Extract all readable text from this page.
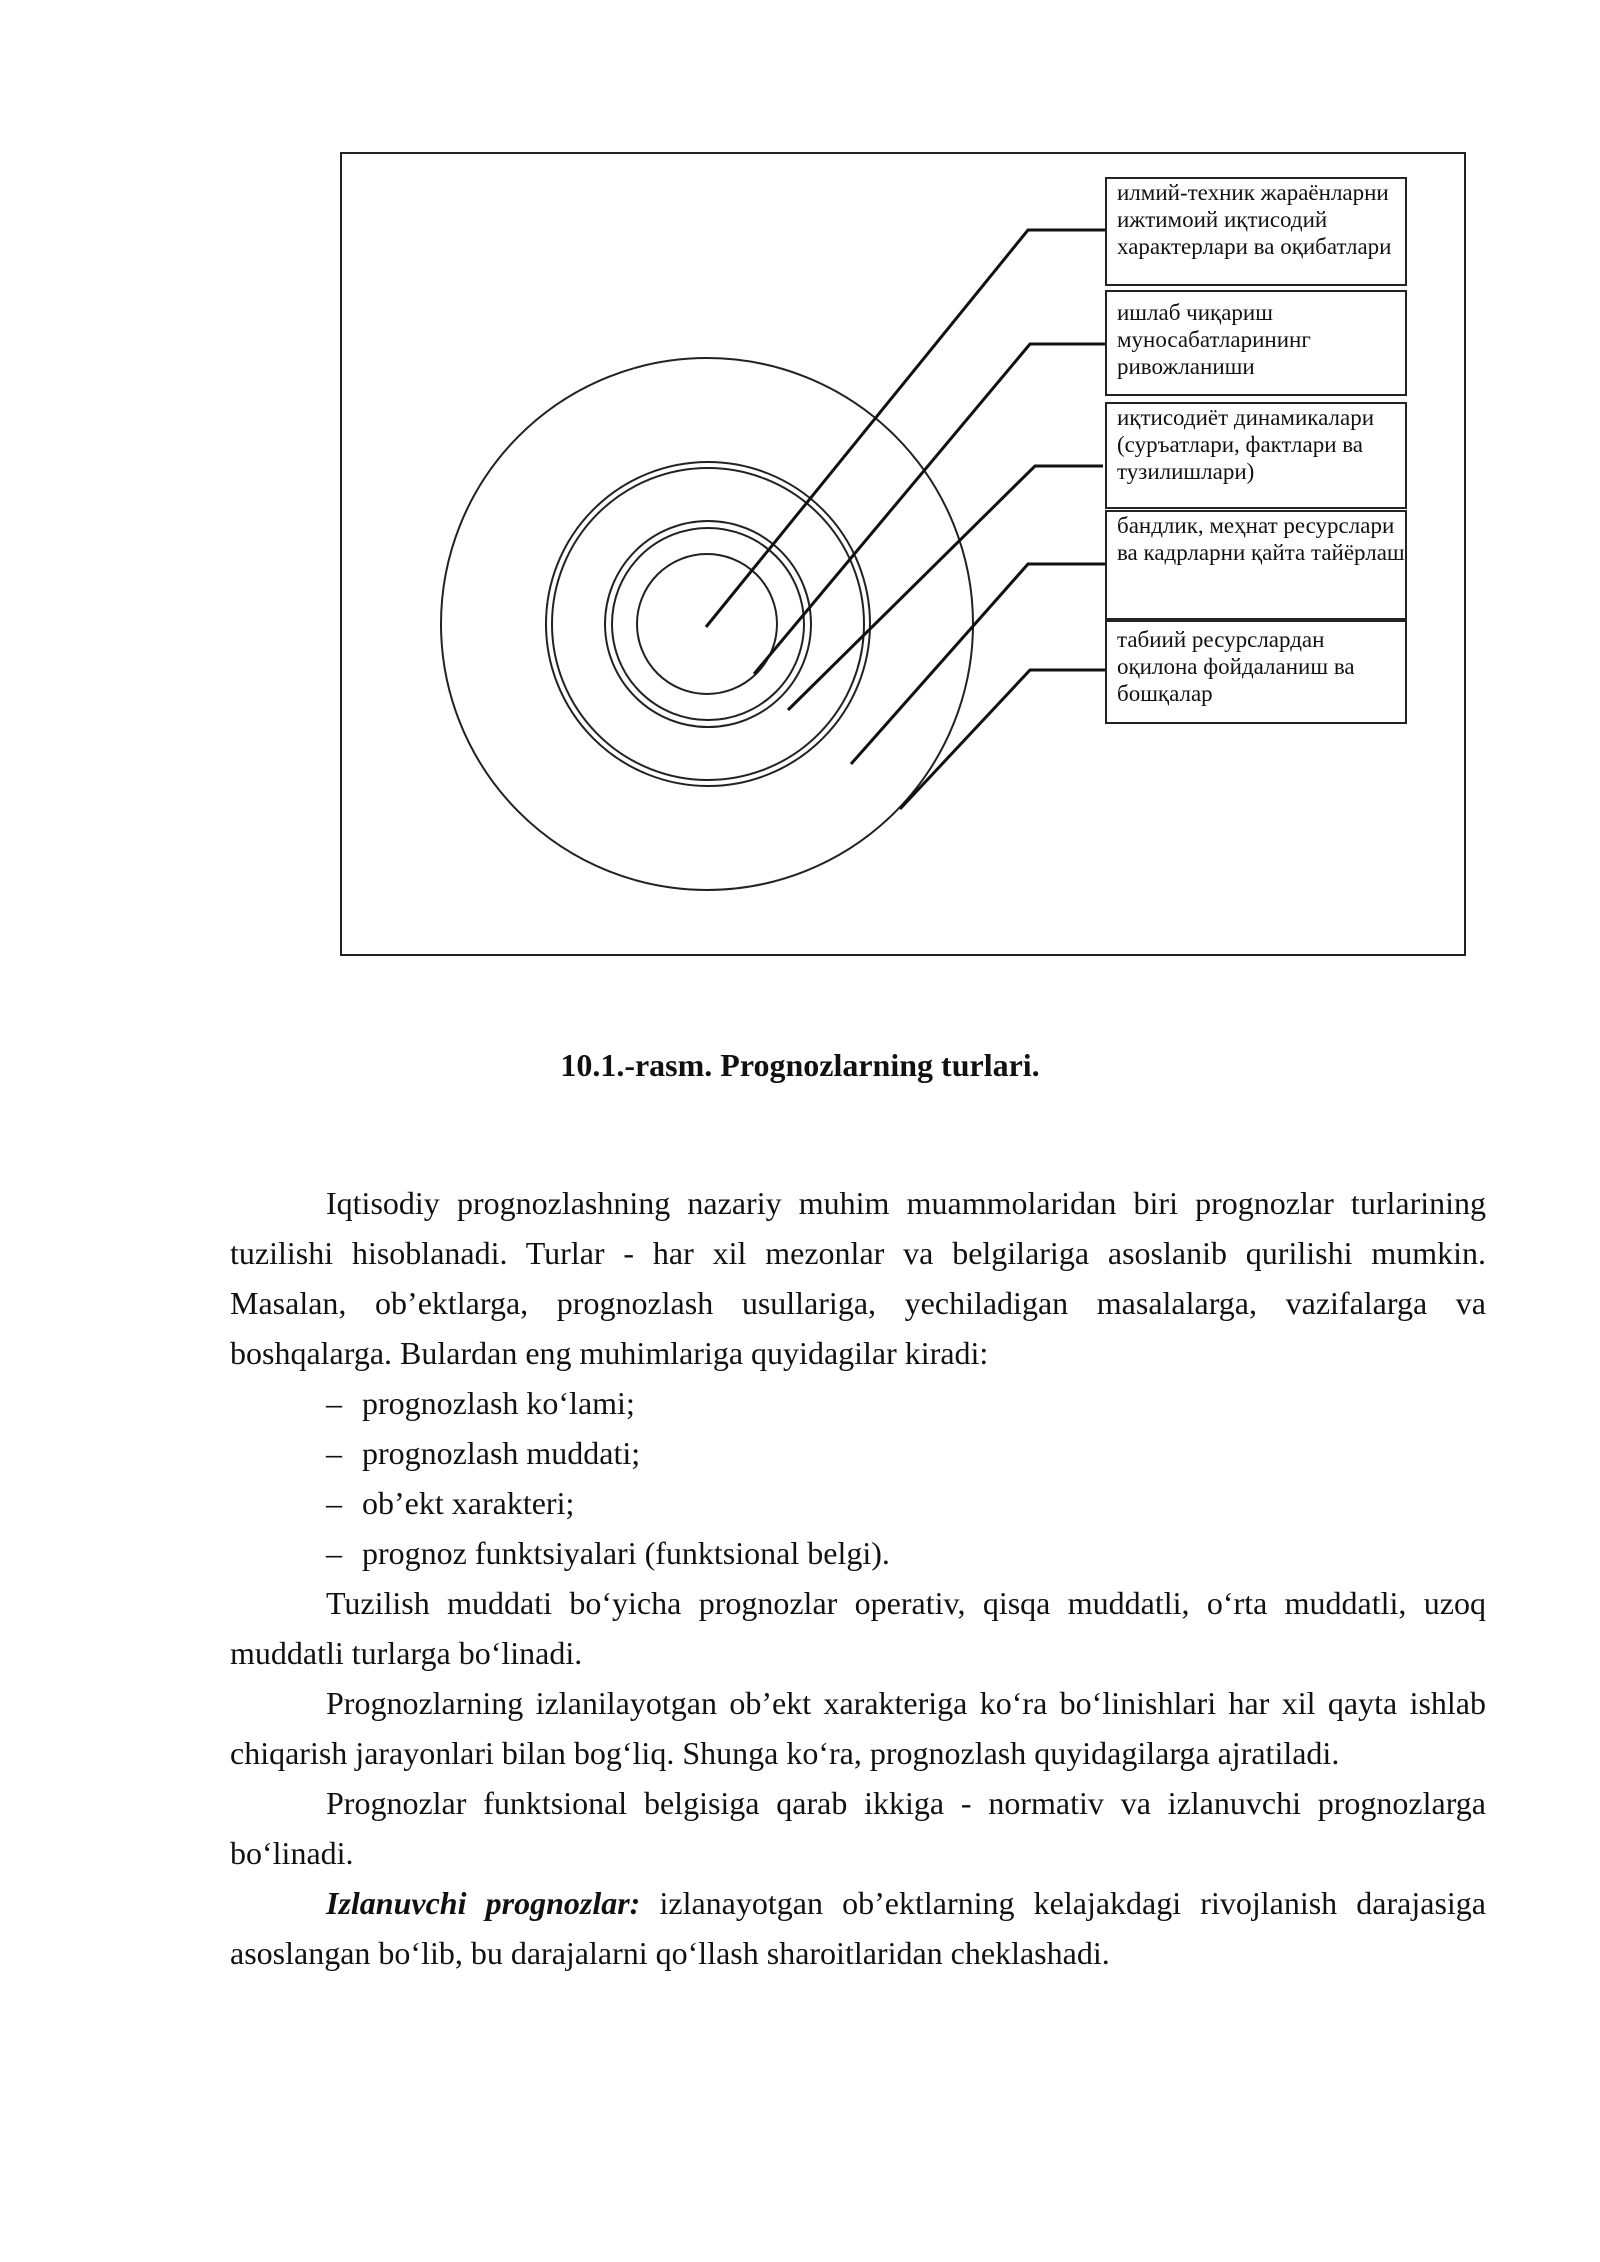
илмий-техник жараёнларни ижтимоий иқтисодий характерлари ва оқибатлари
ишлаб чиқариш муносабатларининг ривожланиши
иқтисодиёт динамикалари (суръатлари, фактлари ва тузилишлари)
бандлик, меҳнат ресурслари ва кадрларни қайта тайёрлаш
табиий ресурслардан оқилона фойдаланиш ва бошқалар
10.1.-rasm. Prognozlarning turlari.

Iqtisodiy prognozlashning nazariy muhim muammolaridan biri prognozlar turlarining tuzilishi hisoblanadi. Turlar - har xil mezonlar va belgilariga asoslanib qurilishi mumkin. Masalan, ob’ektlarga, prognozlash usullariga, yechiladigan masalalarga, vazifalarga va boshqalarga. Bulardan eng muhimlariga quyidagilar kiradi:

– prognozlash ko‘lami;
– prognozlash muddati;
– ob’ekt xarakteri;
– prognoz funktsiyalari (funktsional belgi).

Tuzilish muddati bo‘yicha prognozlar operativ, qisqa muddatli, o‘rta muddatli, uzoq muddatli turlarga bo‘linadi.

Prognozlarning izlanilayotgan ob’ekt xarakteriga ko‘ra bo‘linishlari har xil qayta ishlab chiqarish jarayonlari bilan bog‘liq. Shunga ko‘ra, prognozlash quyidagilarga ajratiladi.

Prognozlar funktsional belgisiga qarab ikkiga - normativ va izlanuvchi prognozlarga bo‘linadi.

Izlanuvchi prognozlar: izlanayotgan ob’ektlarning kelajakdagi rivojlanish darajasiga asoslangan bo‘lib, bu darajalarni qo‘llash sharoitlaridan cheklashadi.
